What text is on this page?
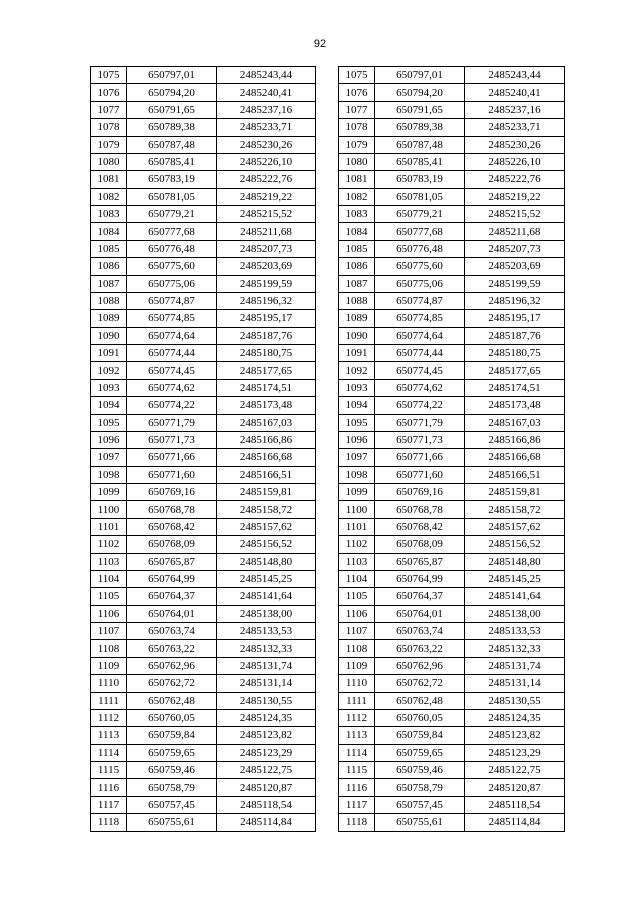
92
1075	650797,01	2485243,44
1076	650794,20	2485240,41
1077	650791,65	2485237,16
1078	650789,38	2485233,71
1079	650787,48	2485230,26
1080	650785,41	2485226,10
1081	650783,19	2485222,76
1082	650781,05	2485219,22
1083	650779,21	2485215,52
1084	650777,68	2485211,68
1085	650776,48	2485207,73
1086	650775,60	2485203,69
1087	650775,06	2485199,59
1088	650774,87	2485196,32
1089	650774,85	2485195,17
1090	650774,64	2485187,76
1091	650774,44	2485180,75
1092	650774,45	2485177,65
1093	650774,62	2485174,51
1094	650774,22	2485173,48
1095	650771,79	2485167,03
1096	650771,73	2485166,86
1097	650771,66	2485166,68
1098	650771,60	2485166,51
1099	650769,16	2485159,81
1100	650768,78	2485158,72
1101	650768,42	2485157,62
1102	650768,09	2485156,52
1103	650765,87	2485148,80
1104	650764,99	2485145,25
1105	650764,37	2485141,64
1106	650764,01	2485138,00
1107	650763,74	2485133,53
1108	650763,22	2485132,33
1109	650762,96	2485131,74
1110	650762,72	2485131,14
1111	650762,48	2485130,55
1112	650760,05	2485124,35
1113	650759,84	2485123,82
1114	650759,65	2485123,29
1115	650759,46	2485122,75
1116	650758,79	2485120,87
1117	650757,45	2485118,54
1118	650755,61	2485114,84
1075	650797,01	2485243,44
1076	650794,20	2485240,41
1077	650791,65	2485237,16
1078	650789,38	2485233,71
1079	650787,48	2485230,26
1080	650785,41	2485226,10
1081	650783,19	2485222,76
1082	650781,05	2485219,22
1083	650779,21	2485215,52
1084	650777,68	2485211,68
1085	650776,48	2485207,73
1086	650775,60	2485203,69
1087	650775,06	2485199,59
1088	650774,87	2485196,32
1089	650774,85	2485195,17
1090	650774,64	2485187,76
1091	650774,44	2485180,75
1092	650774,45	2485177,65
1093	650774,62	2485174,51
1094	650774,22	2485173,48
1095	650771,79	2485167,03
1096	650771,73	2485166,86
1097	650771,66	2485166,68
1098	650771,60	2485166,51
1099	650769,16	2485159,81
1100	650768,78	2485158,72
1101	650768,42	2485157,62
1102	650768,09	2485156,52
1103	650765,87	2485148,80
1104	650764,99	2485145,25
1105	650764,37	2485141,64
1106	650764,01	2485138,00
1107	650763,74	2485133,53
1108	650763,22	2485132,33
1109	650762,96	2485131,74
1110	650762,72	2485131,14
1111	650762,48	2485130,55
1112	650760,05	2485124,35
1113	650759,84	2485123,82
1114	650759,65	2485123,29
1115	650759,46	2485122,75
1116	650758,79	2485120,87
1117	650757,45	2485118,54
1118	650755,61	2485114,84
